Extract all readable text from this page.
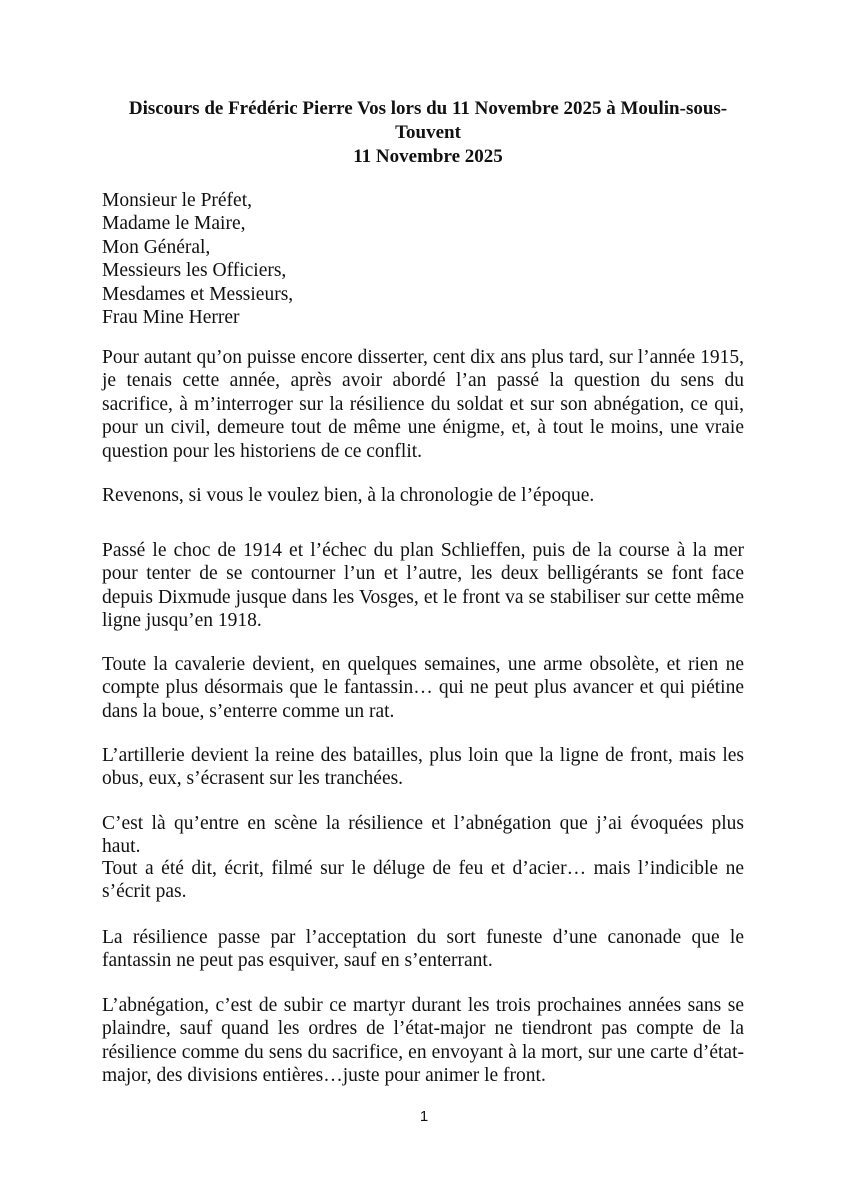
Discours de Frédéric Pierre Vos lors du 11 Novembre 2025 à Moulin-sous-
Touvent
11 Novembre 2025
Monsieur le Préfet,
Madame le Maire,
Mon Général,
Messieurs les Officiers,
Mesdames et Messieurs,
Frau Mine Herrer

Pour autant qu’on puisse encore disserter, cent dix ans plus tard, sur l’année 1915, je tenais cette année, après avoir abordé l’an passé la question du sens du sacrifice, à m’interroger sur la résilience du soldat et sur son abnégation, ce qui, pour un civil, demeure tout de même une énigme, et, à tout le moins, une vraie question pour les historiens de ce conflit.

Revenons, si vous le voulez bien, à la chronologie de l’époque.

Passé le choc de 1914 et l’échec du plan Schlieffen, puis de la course à la mer pour tenter de se contourner l’un et l’autre, les deux belligérants se font face depuis Dixmude jusque dans les Vosges, et le front va se stabiliser sur cette même ligne jusqu’en 1918.

Toute la cavalerie devient, en quelques semaines, une arme obsolète, et rien ne compte plus désormais que le fantassin… qui ne peut plus avancer et qui piétine dans la boue, s’enterre comme un rat.

L’artillerie devient la reine des batailles, plus loin que la ligne de front, mais les obus, eux, s’écrasent sur les tranchées.

C’est là qu’entre en scène la résilience et l’abnégation que j’ai évoquées plus haut.

Tout a été dit, écrit, filmé sur le déluge de feu et d’acier… mais l’indicible ne s’écrit pas.

La résilience passe par l’acceptation du sort funeste d’une canonade que le fantassin ne peut pas esquiver, sauf en s’enterrant.

L’abnégation, c’est de subir ce martyr durant les trois prochaines années sans se plaindre, sauf quand les ordres de l’état-major ne tiendront pas compte de la résilience comme du sens du sacrifice, en envoyant à la mort, sur une carte d’état-major, des divisions entières…juste pour animer le front.

1
